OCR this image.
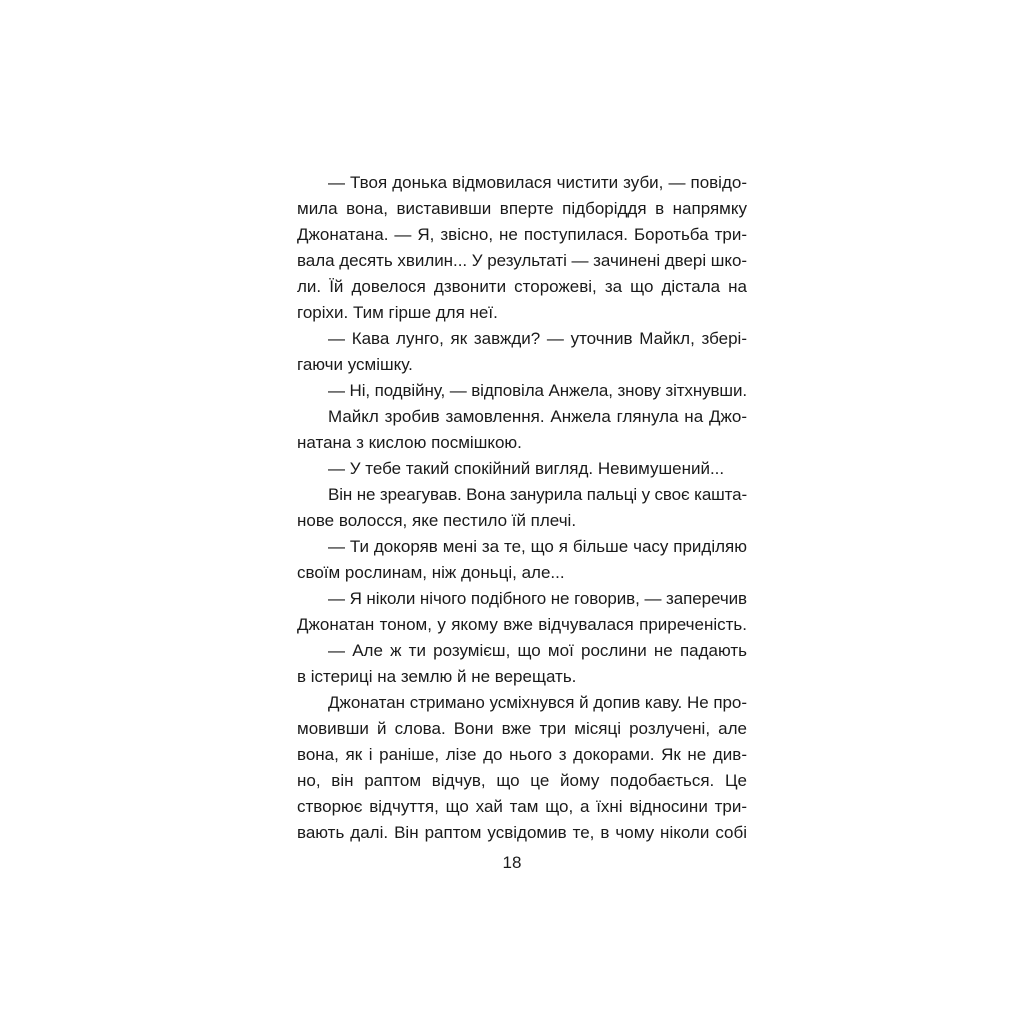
— Твоя донька відмовилася чистити зуби, — повідо-
мила вона, виставивши вперте підборіддя в напрямку
Джонатана. — Я, звісно, не поступилася. Боротьба три-
вала десять хвилин... У результаті — зачинені двері шко-
ли. Їй довелося дзвонити сторожеві, за що дістала на
горіхи. Тим гірше для неї.
— Кава лунго, як завжди? — уточнив Майкл, збері-
гаючи усмішку.
— Ні, подвійну, — відповіла Анжела, знову зітхнувши.
Майкл зробив замовлення. Анжела глянула на Джо-
натана з кислою посмішкою.
— У тебе такий спокійний вигляд. Невимушений...
Він не зреагував. Вона занурила пальці у своє кашта-
нове волосся, яке пестило їй плечі.
— Ти докоряв мені за те, що я більше часу приділяю
своїм рослинам, ніж доньці, але...
— Я ніколи нічого подібного не говорив, — заперечив
Джонатан тоном, у якому вже відчувалася приреченість.
— Але ж ти розумієш, що мої рослини не падають
в істериці на землю й не верещать.
Джонатан стримано усміхнувся й допив каву. Не про-
мовивши й слова. Вони вже три місяці розлучені, але
вона, як і раніше, лізе до нього з докорами. Як не див-
но, він раптом відчув, що це йому подобається. Це
створює відчуття, що хай там що, а їхні відносини три-
вають далі. Він раптом усвідомив те, в чому ніколи собі
18
